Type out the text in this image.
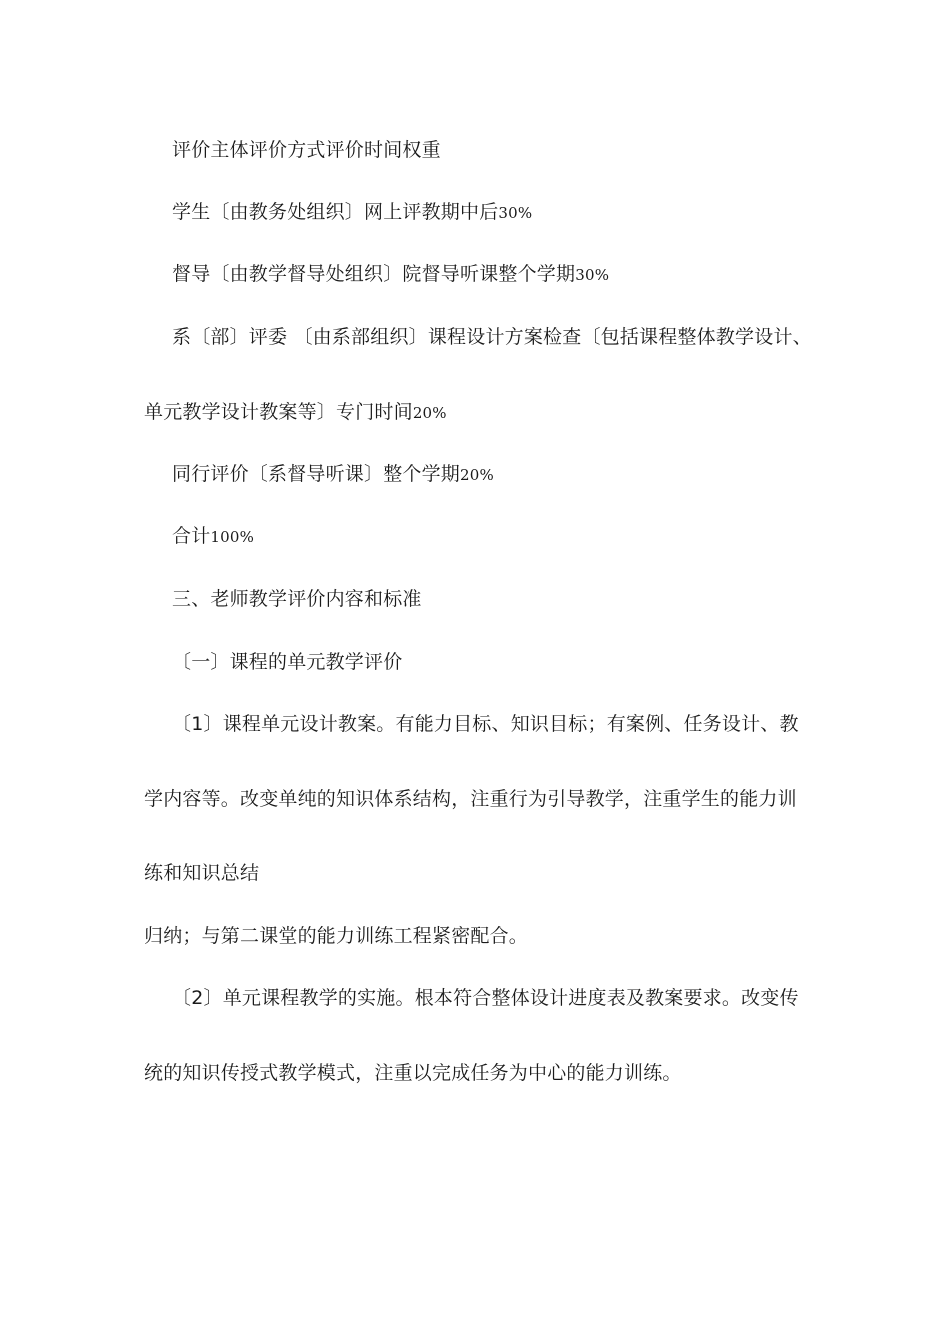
评价主体评价方式评价时间权重
学生〔由教务处组织〕网上评教期中后30%
督导〔由教学督导处组织〕院督导听课整个学期30%
系〔部〕评委 〔由系部组织〕课程设计方案检查〔包括课程整体教学设计、
单元教学设计教案等〕专门时间20%
同行评价〔系督导听课〕整个学期20%
合计100%
三、老师教学评价内容和标准
〔一〕课程的单元教学评价
〔1〕课程单元设计教案。有能力目标、知识目标；有案例、任务设计、教
学内容等。改变单纯的知识体系结构，注重行为引导教学，注重学生的能力训
练和知识总结
归纳；与第二课堂的能力训练工程紧密配合。
〔2〕单元课程教学的实施。根本符合整体设计进度表及教案要求。改变传
统的知识传授式教学模式，注重以完成任务为中心的能力训练。
